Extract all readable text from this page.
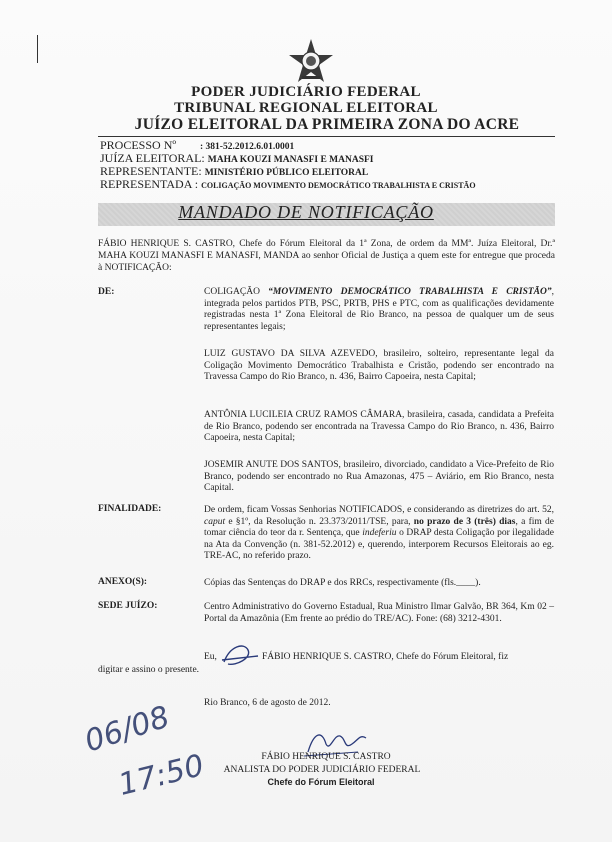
PODER JUDICIÁRIO FEDERAL
TRIBUNAL REGIONAL ELEITORAL
JUÍZO ELEITORAL DA PRIMEIRA ZONA DO ACRE
PROCESSO Nº	: 381-52.2012.6.01.0001
JUÍZA ELEITORAL: MAHA KOUZI MANASFI E MANASFI
REPRESENTANTE: MINISTÉRIO PÚBLICO ELEITORAL
REPRESENTADA : COLIGAÇÃO MOVIMENTO DEMOCRÁTICO TRABALHISTA E CRISTÃO
MANDADO DE NOTIFICAÇÃO
FÁBIO HENRIQUE S. CASTRO, Chefe do Fórum Eleitoral da 1ª Zona, de ordem da MMª. Juíza Eleitoral, Dr.ª MAHA KOUZI MANASFI E MANASFI, MANDA ao senhor Oficial de Justiça a quem este for entregue que proceda à NOTIFICAÇÃO:
DE:	COLIGAÇÃO “MOVIMENTO DEMOCRÁTICO TRABALHISTA E CRISTÃO”, integrada pelos partidos PTB, PSC, PRTB, PHS e PTC, com as qualificações devidamente registradas nesta 1ª Zona Eleitoral de Rio Branco, na pessoa de qualquer um de seus representantes legais;
LUIZ GUSTAVO DA SILVA AZEVEDO, brasileiro, solteiro, representante legal da Coligação Movimento Democrático Trabalhista e Cristão, podendo ser encontrado na Travessa Campo do Rio Branco, n. 436, Bairro Capoeira, nesta Capital;
ANTÔNIA LUCILEIA CRUZ RAMOS CÂMARA, brasileira, casada, candidata a Prefeita de Rio Branco, podendo ser encontrada na Travessa Campo do Rio Branco, n. 436, Bairro Capoeira, nesta Capital;
JOSEMIR ANUTE DOS SANTOS, brasileiro, divorciado, candidato a Vice-Prefeito de Rio Branco, podendo ser encontrado no Rua Amazonas, 475 – Aviário, em Rio Branco, nesta Capital.
FINALIDADE:	De ordem, ficam Vossas Senhorias NOTIFICADOS, e considerando as diretrizes do art. 52, caput e §1º, da Resolução n. 23.373/2011/TSE, para, no prazo de 3 (três) dias, a fim de tomar ciência do teor da r. Sentença, que indeferiu o DRAP desta Coligação por ilegalidade na Ata da Convenção (n. 381-52.2012) e, querendo, interporem Recursos Eleitorais ao eg. TRE-AC, no referido prazo.
ANEXO(S):	Cópias das Sentenças do DRAP e dos RRCs, respectivamente (fls.____).
SEDE JUÍZO:	Centro Administrativo do Governo Estadual, Rua Ministro Ilmar Galvão, BR 364, Km 02 – Portal da Amazônia (Em frente ao prédio do TRE/AC). Fone: (68) 3212-4301.
Eu,	FÁBIO HENRIQUE S. CASTRO, Chefe do Fórum Eleitoral, fiz
digitar e assino o presente.
Rio Branco, 6 de agosto de 2012.
FÁBIO HENRIQUE S. CASTRO
ANALISTA DO PODER JUDICIÁRIO FEDERAL
Chefe do Fórum Eleitoral
06/08
17:50
